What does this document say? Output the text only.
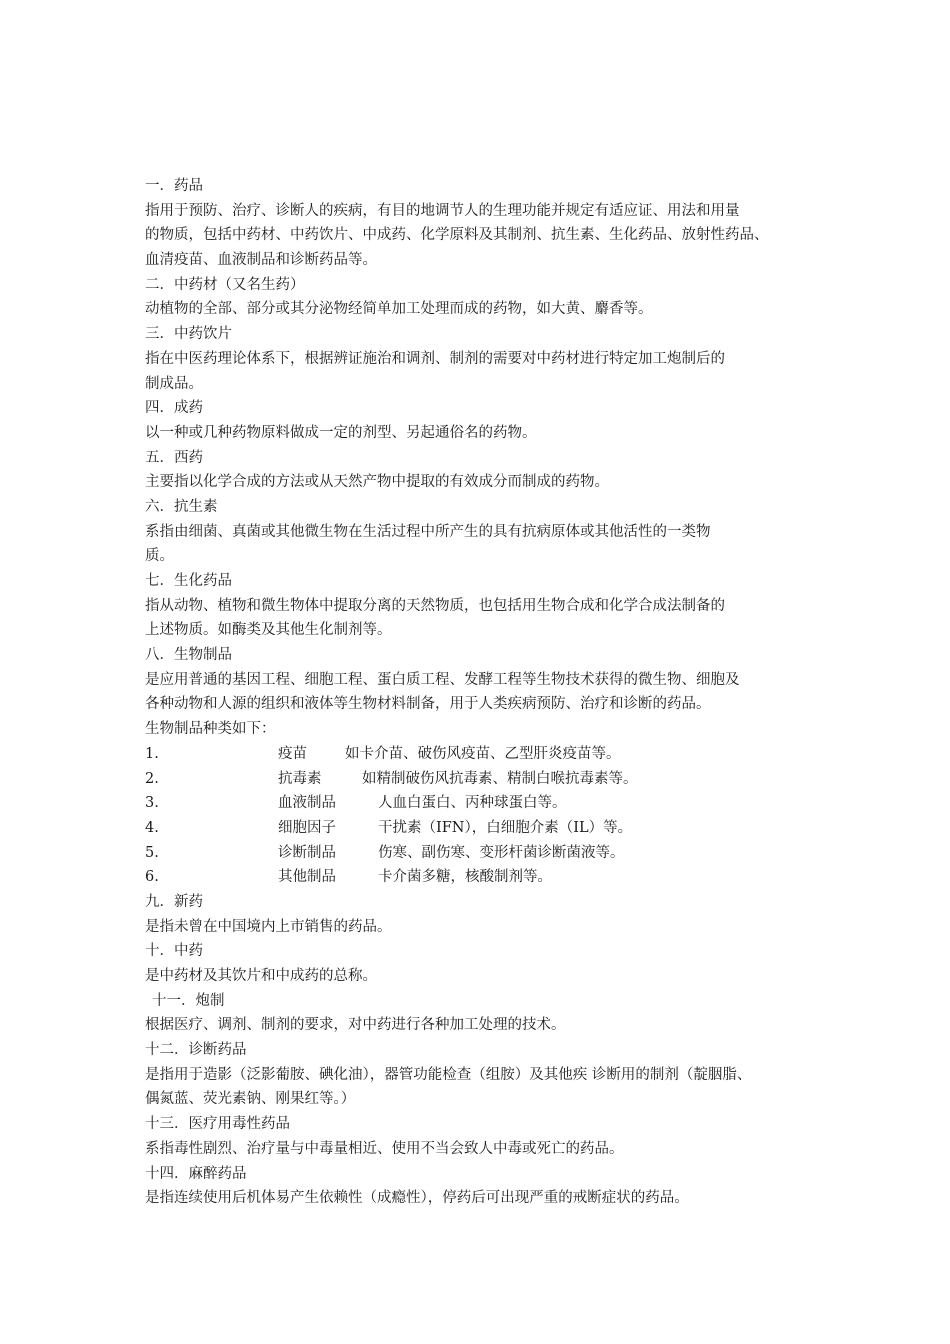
一．药品
指用于预防、治疗、诊断人的疾病，有目的地调节人的生理功能并规定有适应证、用法和用量
的物质，包括中药材、中药饮片、中成药、化学原料及其制剂、抗生素、生化药品、放射性药品、
血清疫苗、血液制品和诊断药品等。
二．中药材（又名生药）
动植物的全部、部分或其分泌物经简单加工处理而成的药物，如大黄、麝香等。
三．中药饮片
指在中医药理论体系下，根据辨证施治和调剂、制剂的需要对中药材进行特定加工炮制后的
制成品。
四．成药
以一种或几种药物原料做成一定的剂型、另起通俗名的药物。
五．西药
主要指以化学合成的方法或从天然产物中提取的有效成分而制成的药物。
六．抗生素
系指由细菌、真菌或其他微生物在生活过程中所产生的具有抗病原体或其他活性的一类物
质。
七．生化药品
指从动物、植物和微生物体中提取分离的天然物质，也包括用生物合成和化学合成法制备的
上述物质。如酶类及其他生化制剂等。
八．生物制品
是应用普通的基因工程、细胞工程、蛋白质工程、发酵工程等生物技术获得的微生物、细胞及
各种动物和人源的组织和液体等生物材料制备，用于人类疾病预防、治疗和诊断的药品。
生物制品种类如下：
1.	疫苗	如卡介苗、破伤风疫苗、乙型肝炎疫苗等。
2.	抗毒素	如精制破伤风抗毒素、精制白喉抗毒素等。
3.	血液制品	人血白蛋白、丙种球蛋白等。
4.	细胞因子	干扰素（IFN），白细胞介素（IL）等。
5.	诊断制品	伤寒、副伤寒、变形杆菌诊断菌液等。
6.	其他制品	卡介菌多糖，核酸制剂等。
九．新药
是指未曾在中国境内上市销售的药品。
十．中药
是中药材及其饮片和中成药的总称。
十一．炮制
根据医疗、调剂、制剂的要求，对中药进行各种加工处理的技术。
十二．诊断药品
是指用于造影（泛影葡胺、碘化油），器管功能检查（组胺）及其他疾 诊断用的制剂（靛胭脂、
偶氮蓝、荧光素钠、刚果红等。）
十三．医疗用毒性药品
系指毒性剧烈、治疗量与中毒量相近、使用不当会致人中毒或死亡的药品。
十四．麻醉药品
是指连续使用后机体易产生依赖性（成瘾性），停药后可出现严重的戒断症状的药品。
